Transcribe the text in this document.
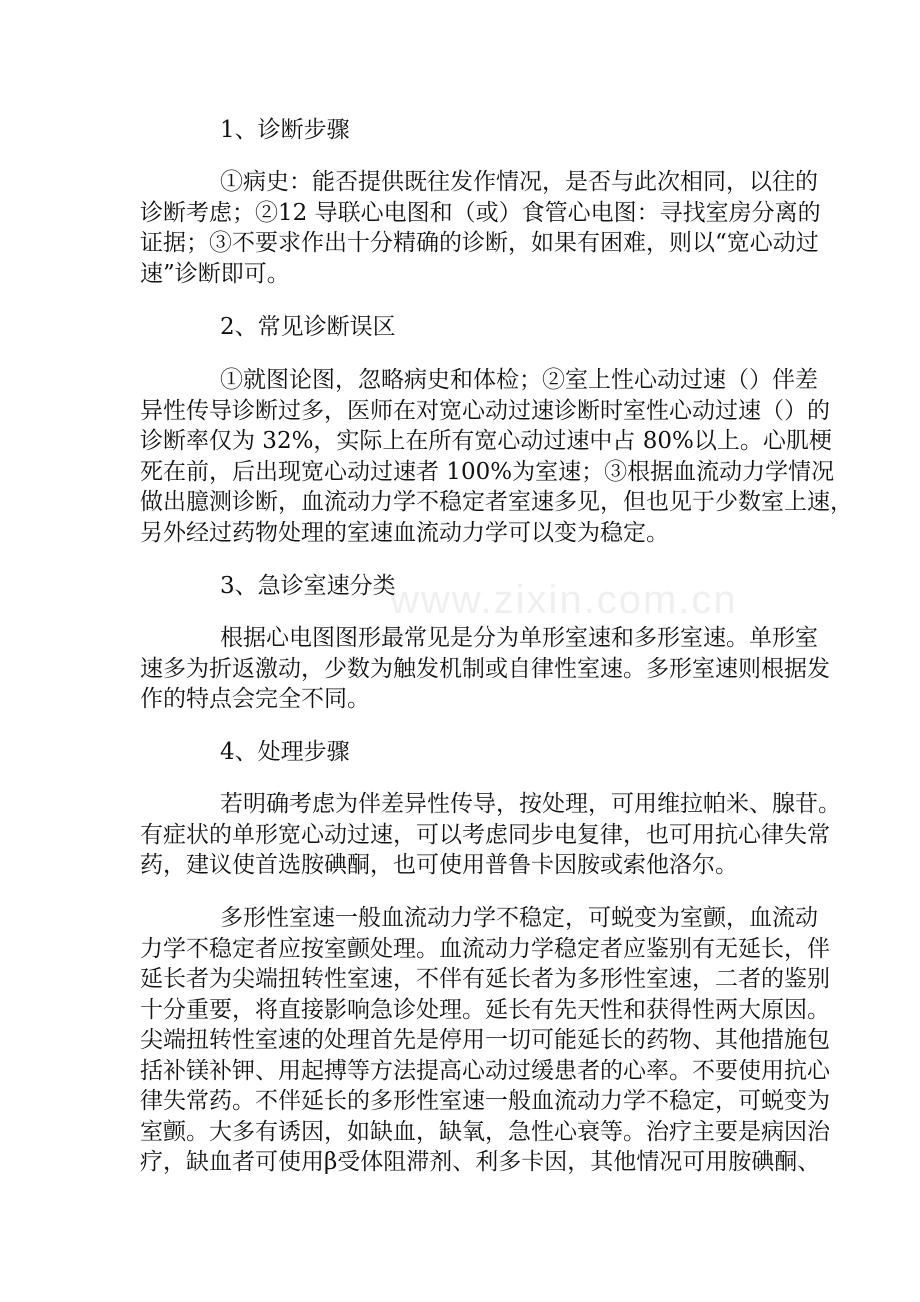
www.zixin.com.cn
1、诊断步骤
①病史：能否提供既往发作情况，是否与此次相同，以往的
诊断考虑；②12 导联心电图和（或）食管心电图：寻找室房分离的
证据；③不要求作出十分精确的诊断，如果有困难，则以“宽心动过
速”诊断即可。
2、常见诊断误区
①就图论图，忽略病史和体检；②室上性心动过速（）伴差
异性传导诊断过多，医师在对宽心动过速诊断时室性心动过速（）的
诊断率仅为 32%，实际上在所有宽心动过速中占 80%以上。心肌梗
死在前，后出现宽心动过速者 100%为室速；③根据血流动力学情况
做出臆测诊断，血流动力学不稳定者室速多见，但也见于少数室上速，
另外经过药物处理的室速血流动力学可以变为稳定。
3、急诊室速分类
根据心电图图形最常见是分为单形室速和多形室速。单形室
速多为折返激动，少数为触发机制或自律性室速。多形室速则根据发
作的特点会完全不同。
4、处理步骤
若明确考虑为伴差异性传导，按处理，可用维拉帕米、腺苷。
有症状的单形宽心动过速，可以考虑同步电复律，也可用抗心律失常
药，建议使首选胺碘酮，也可使用普鲁卡因胺或索他洛尔。
多形性室速一般血流动力学不稳定，可蜕变为室颤，血流动
力学不稳定者应按室颤处理。血流动力学稳定者应鉴别有无延长，伴
延长者为尖端扭转性室速，不伴有延长者为多形性室速，二者的鉴别
十分重要，将直接影响急诊处理。延长有先天性和获得性两大原因。
尖端扭转性室速的处理首先是停用一切可能延长的药物、其他措施包
括补镁补钾、用起搏等方法提高心动过缓患者的心率。不要使用抗心
律失常药。不伴延长的多形性室速一般血流动力学不稳定，可蜕变为
室颤。大多有诱因，如缺血，缺氧，急性心衰等。治疗主要是病因治
疗，缺血者可使用β受体阻滞剂、利多卡因，其他情况可用胺碘酮、
